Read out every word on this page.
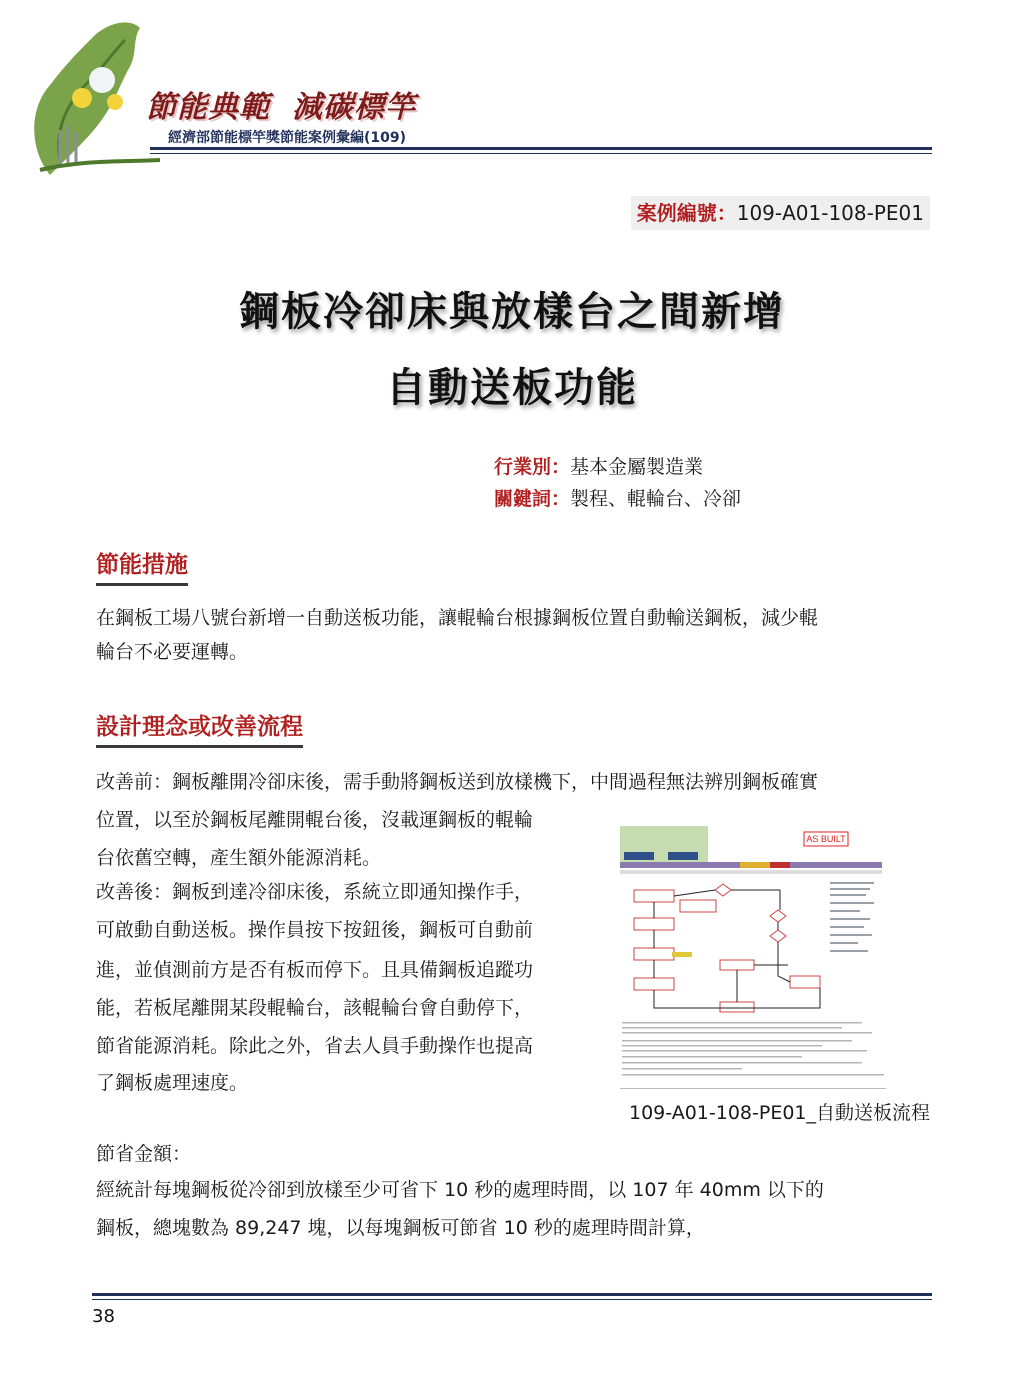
節能典範 減碳標竿
經濟部節能標竿獎節能案例彙編(109)
案例編號：109-A01-108-PE01
鋼板冷卻床與放樣台之間新增
自動送板功能
行業別：基本金屬製造業
關鍵詞：製程、輥輪台、冷卻
節能措施
在鋼板工場八號台新增一自動送板功能，讓輥輪台根據鋼板位置自動輸送鋼板，減少輥
輪台不必要運轉。
設計理念或改善流程
改善前：鋼板離開冷卻床後，需手動將鋼板送到放樣機下，中間過程無法辨別鋼板確實
位置，以至於鋼板尾離開輥台後，沒載運鋼板的輥輪
台依舊空轉，產生額外能源消耗。
改善後：鋼板到達冷卻床後，系統立即通知操作手，
可啟動自動送板。操作員按下按鈕後，鋼板可自動前
進，並偵測前方是否有板而停下。且具備鋼板追蹤功
能，若板尾離開某段輥輪台，該輥輪台會自動停下，
節省能源消耗。除此之外，省去人員手動操作也提高
了鋼板處理速度。
AS BUILT
109-A01-108-PE01_自動送板流程
節省金額：
經統計每塊鋼板從冷卻到放樣至少可省下 10 秒的處理時間，以 107 年 40mm 以下的
鋼板，總塊數為 89,247 塊，以每塊鋼板可節省 10 秒的處理時間計算，
38
